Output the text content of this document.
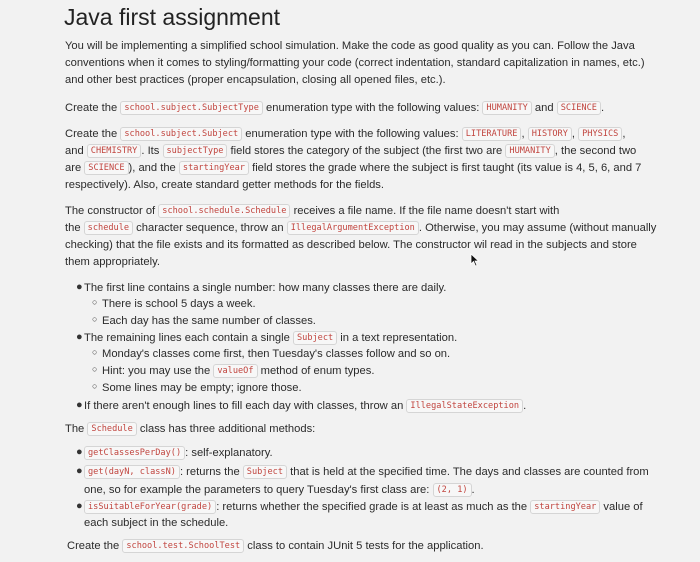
Java first assignment
You will be implementing a simplified school simulation. Make the code as good quality as you can. Follow the Java
conventions when it comes to styling/formatting your code (correct indentation, standard capitalization in names, etc.)
and other best practices (proper encapsulation, closing all opened files, etc.).
Create the school.subject.SubjectType enumeration type with the following values: HUMANITY and SCIENCE .
Create the school.subject.Subject enumeration type with the following values: LITERATURE , HISTORY , PHYSICS ,
and CHEMISTRY . Its subjectType field stores the category of the subject (the first two are HUMANITY , the second two
are SCIENCE ), and the startingYear field stores the grade where the subject is first taught (its value is 4, 5, 6, and 7
respectively). Also, create standard getter methods for the fields.
The constructor of school.schedule.Schedule receives a file name. If the file name doesn't start with
the schedule character sequence, throw an IllegalArgumentException . Otherwise, you may assume (without manually
checking) that the file exists and its formatted as described below. The constructor wil read in the subjects and store
them appropriately.
● The first line contains a single number: how many classes there are daily.
○ There is school 5 days a week.
○ Each day has the same number of classes.
● The remaining lines each contain a single Subject in a text representation.
○ Monday's classes come first, then Tuesday's classes follow and so on.
○ Hint: you may use the valueOf method of enum types.
○ Some lines may be empty; ignore those.
● If there aren't enough lines to fill each day with classes, throw an IllegalStateException .
The Schedule class has three additional methods:
● getClassesPerDay() : self-explanatory.
● get(dayN, classN) : returns the Subject that is held at the specified time. The days and classes are counted from
one, so for example the parameters to query Tuesday's first class are: (2, 1) .
● isSuitableForYear(grade) : returns whether the specified grade is at least as much as the startingYear value of
each subject in the schedule.
Create the school.test.SchoolTest class to contain JUnit 5 tests for the application.
